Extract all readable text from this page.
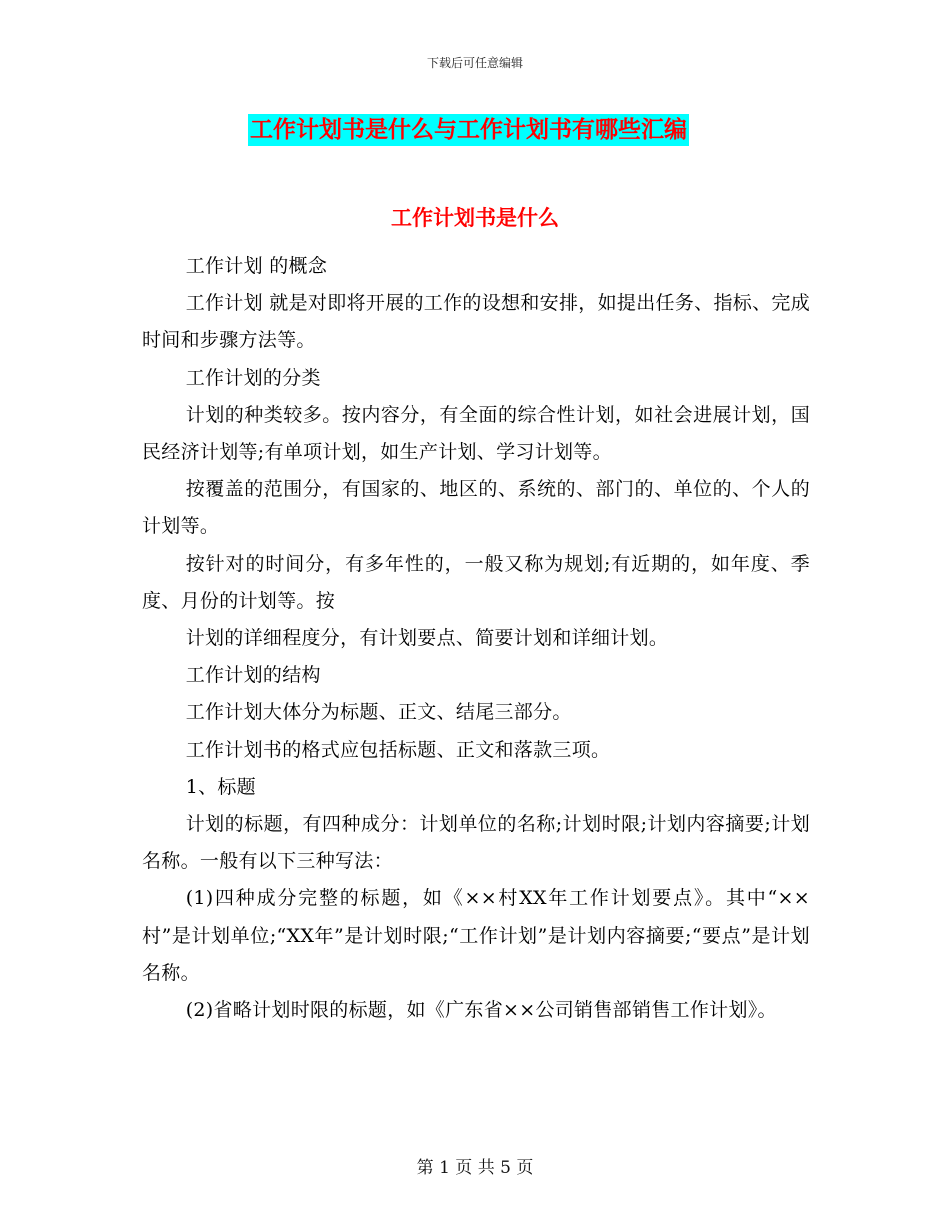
下载后可任意编辑
工作计划书是什么与工作计划书有哪些汇编
工作计划书是什么

工作计划 的概念

工作计划 就是对即将开展的工作的设想和安排，如提出任务、指标、完成时间和步骤方法等。

工作计划的分类

计划的种类较多。按内容分，有全面的综合性计划，如社会进展计划，国民经济计划等;有单项计划，如生产计划、学习计划等。

按覆盖的范围分，有国家的、地区的、系统的、部门的、单位的、个人的计划等。

按针对的时间分，有多年性的，一般又称为规划;有近期的，如年度、季度、月份的计划等。按

计划的详细程度分，有计划要点、简要计划和详细计划。

工作计划的结构

工作计划大体分为标题、正文、结尾三部分。

工作计划书的格式应包括标题、正文和落款三项。

1、标题

计划的标题，有四种成分：计划单位的名称;计划时限;计划内容摘要;计划名称。一般有以下三种写法：

(1)四种成分完整的标题，如《××村XX年工作计划要点》。其中“××村”是计划单位;“XX年”是计划时限;“工作计划”是计划内容摘要;“要点”是计划名称。

(2)省略计划时限的标题，如《广东省××公司销售部销售工作计划》。

第 1 页 共 5 页
